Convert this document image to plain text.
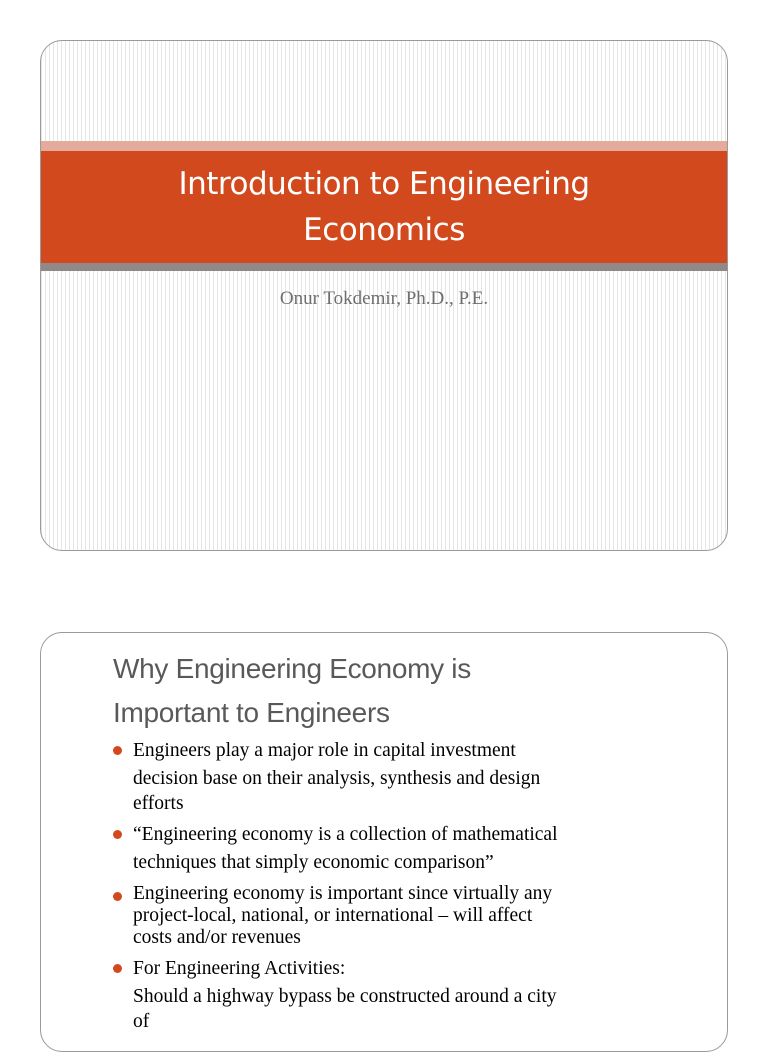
Introduction to Engineering
Economics
Onur Tokdemir, Ph.D., P.E.
Why Engineering Economy is
Important to Engineers
Engineers play a major role in capital investment
decision base on their analysis, synthesis and design
efforts
“Engineering economy is a collection of mathematical
techniques that simply economic comparison”
Engineering economy is important since virtually any
project-local, national, or international – will affect
costs and/or revenues
For Engineering Activities:
Should a highway bypass be constructed around a city
of
